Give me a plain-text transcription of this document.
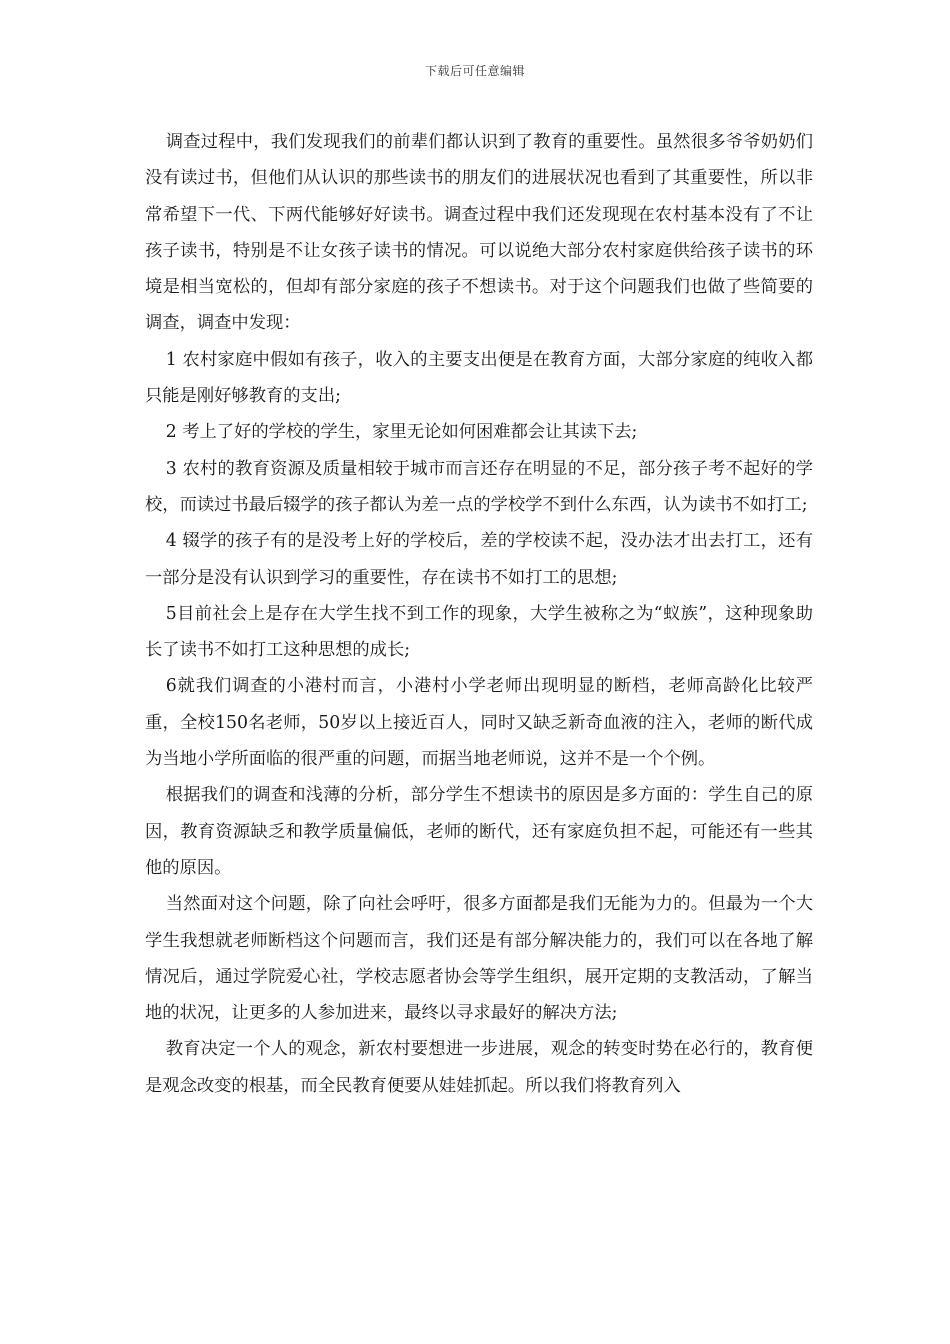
下载后可任意编辑

调查过程中，我们发现我们的前辈们都认识到了教育的重要性。虽然很多爷爷奶奶们没有读过书，但他们从认识的那些读书的朋友们的进展状况也看到了其重要性，所以非常希望下一代、下两代能够好好读书。调查过程中我们还发现现在农村基本没有了不让孩子读书，特别是不让女孩子读书的情况。可以说绝大部分农村家庭供给孩子读书的环境是相当宽松的，但却有部分家庭的孩子不想读书。对于这个问题我们也做了些简要的调查，调查中发现：

1 农村家庭中假如有孩子，收入的主要支出便是在教育方面，大部分家庭的纯收入都只能是刚好够教育的支出;

2 考上了好的学校的学生，家里无论如何困难都会让其读下去;

3 农村的教育资源及质量相较于城市而言还存在明显的不足，部分孩子考不起好的学校，而读过书最后辍学的孩子都认为差一点的学校学不到什么东西，认为读书不如打工;

4 辍学的孩子有的是没考上好的学校后，差的学校读不起，没办法才出去打工，还有一部分是没有认识到学习的重要性，存在读书不如打工的思想;

5目前社会上是存在大学生找不到工作的现象，大学生被称之为“蚁族”，这种现象助长了读书不如打工这种思想的成长;

6就我们调查的小港村而言，小港村小学老师出现明显的断档，老师高龄化比较严重，全校150名老师，50岁以上接近百人，同时又缺乏新奇血液的注入，老师的断代成为当地小学所面临的很严重的问题，而据当地老师说，这并不是一个个例。

根据我们的调查和浅薄的分析，部分学生不想读书的原因是多方面的：学生自己的原因，教育资源缺乏和教学质量偏低，老师的断代，还有家庭负担不起，可能还有一些其他的原因。

当然面对这个问题，除了向社会呼吁，很多方面都是我们无能为力的。但最为一个大学生我想就老师断档这个问题而言，我们还是有部分解决能力的，我们可以在各地了解情况后，通过学院爱心社，学校志愿者协会等学生组织，展开定期的支教活动，了解当地的状况，让更多的人参加进来，最终以寻求最好的解决方法;

教育决定一个人的观念，新农村要想进一步进展，观念的转变时势在必行的，教育便是观念改变的根基，而全民教育便要从娃娃抓起。所以我们将教育列入
